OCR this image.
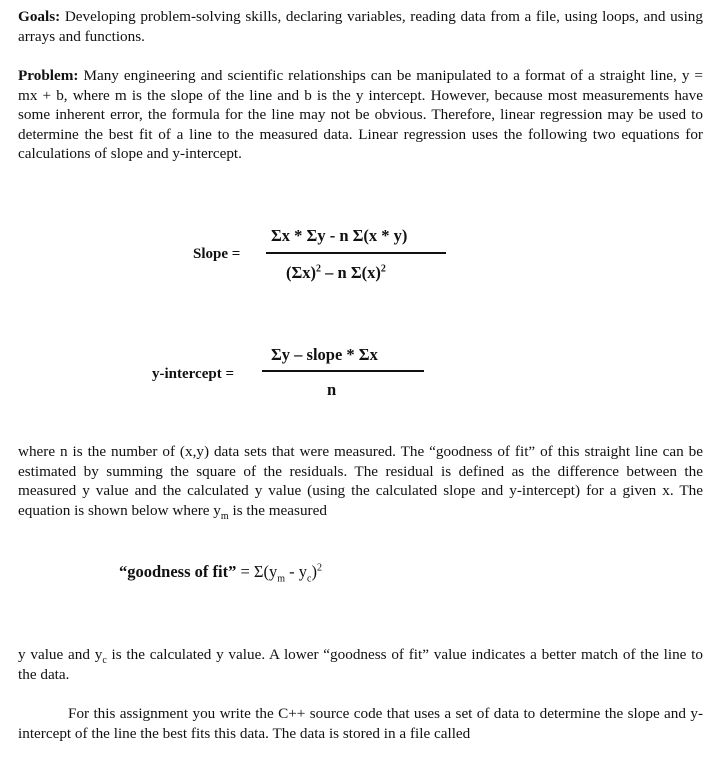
Goals: Developing problem-solving skills, declaring variables, reading data from a file, using loops, and using arrays and functions.
Problem: Many engineering and scientific relationships can be manipulated to a format of a straight line, y = mx + b, where m is the slope of the line and b is the y intercept. However, because most measurements have some inherent error, the formula for the line may not be obvious. Therefore, linear regression may be used to determine the best fit of a line to the measured data. Linear regression uses the following two equations for calculations of slope and y-intercept.
Slope =
Σx * Σy - n Σ(x * y)
$(\Sigma x)^2$ – n $\Sigma(x)^2$
y-intercept =
Σy – slope * Σx
n
where n is the number of (x,y) data sets that were measured. The “goodness of fit” of this straight line can be estimated by summing the square of the residuals. The residual is defined as the difference between the measured y value and the calculated y value (using the calculated slope and y-intercept) for a given x. The equation is shown below where $y_m$ is the measured
“goodness of fit” = $\Sigma(y_m - y_c)^2$
y value and $y_c$ is the calculated y value. A lower “goodness of fit” value indicates a better match of the line to the data.
For this assignment you write the C++ source code that uses a set of data to determine the slope and y-intercept of the line the best fits this data. The data is stored in a file called
